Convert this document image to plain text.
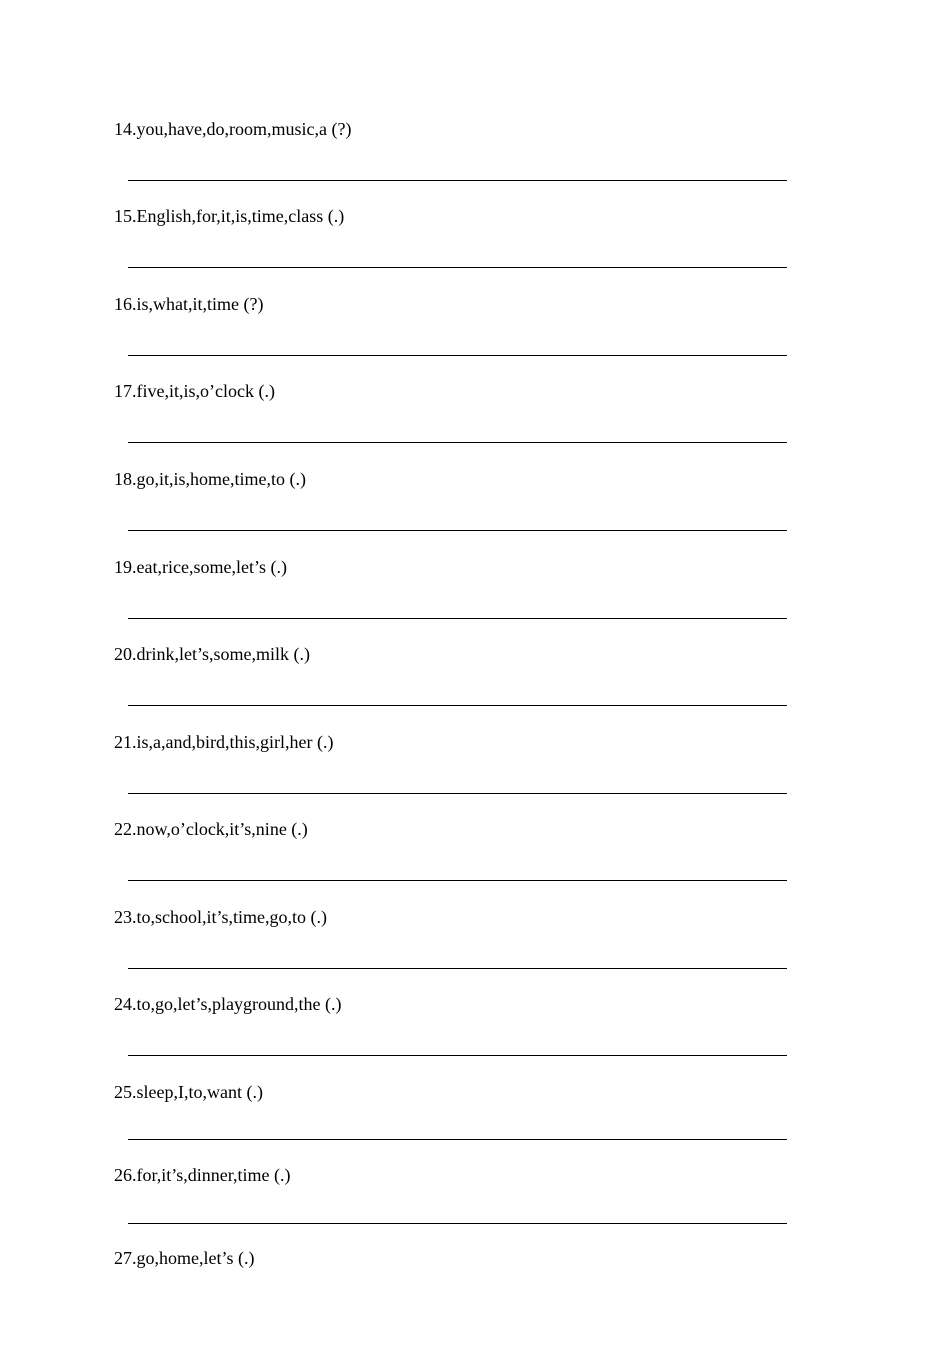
14.you,have,do,room,music,a (?)
15.English,for,it,is,time,class (.)
16.is,what,it,time (?)
17.five,it,is,o’clock (.)
18.go,it,is,home,time,to (.)
19.eat,rice,some,let’s (.)
20.drink,let’s,some,milk (.)
21.is,a,and,bird,this,girl,her (.)
22.now,o’clock,it’s,nine (.)
23.to,school,it’s,time,go,to (.)
24.to,go,let’s,playground,the (.)
25.sleep,I,to,want (.)
26.for,it’s,dinner,time (.)
27.go,home,let’s (.)
